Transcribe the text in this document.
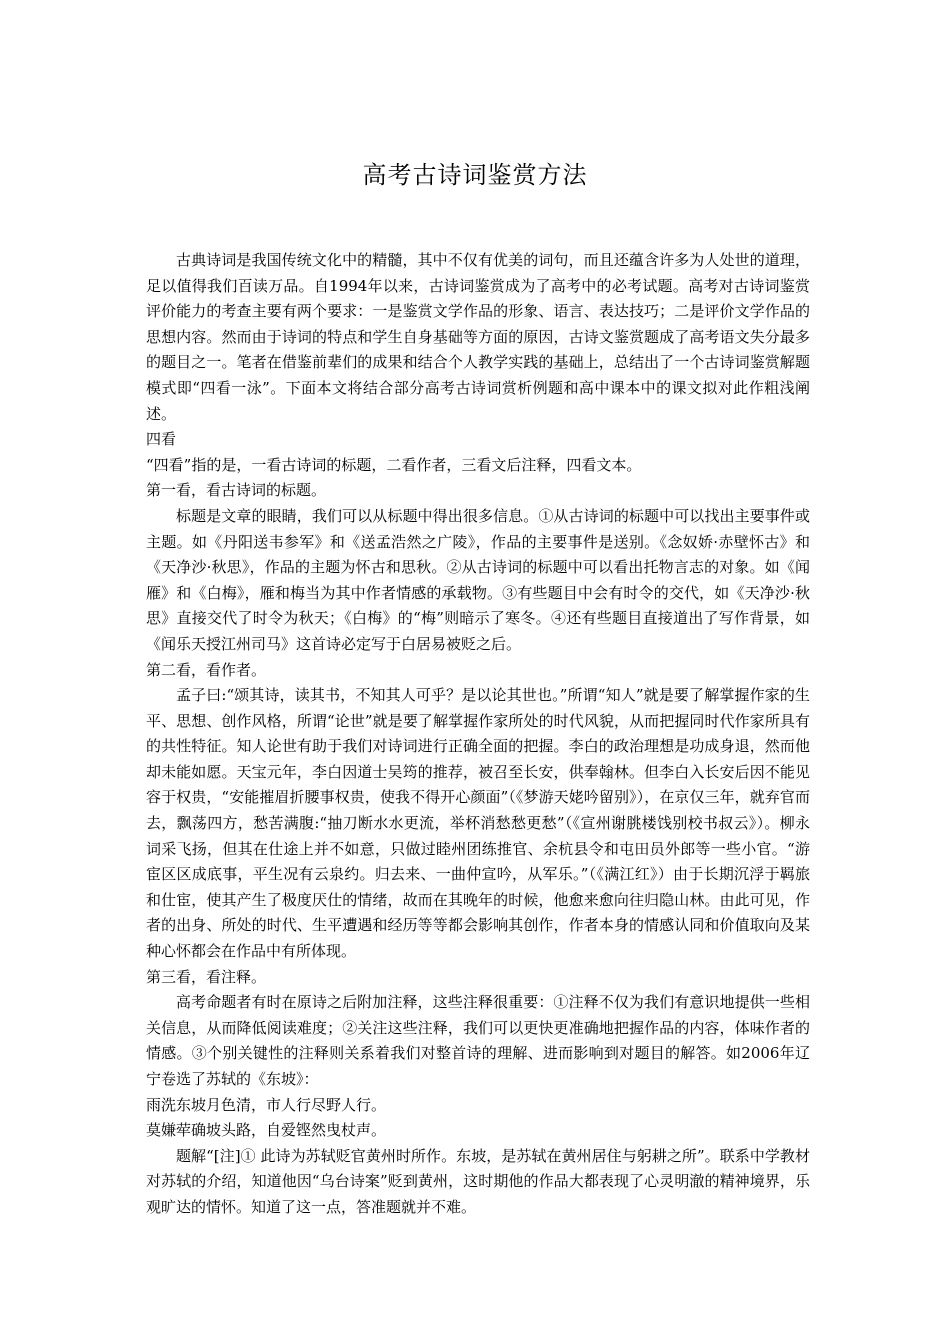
高考古诗词鉴赏方法

古典诗词是我国传统文化中的精髓，其中不仅有优美的词句，而且还蕴含许多为人处世的道理，足以值得我们百读万品。自1994年以来，古诗词鉴赏成为了高考中的必考试题。高考对古诗词鉴赏评价能力的考查主要有两个要求：一是鉴赏文学作品的形象、语言、表达技巧；二是评价文学作品的思想内容。然而由于诗词的特点和学生自身基础等方面的原因，古诗文鉴赏题成了高考语文失分最多的题目之一。笔者在借鉴前辈们的成果和结合个人教学实践的基础上，总结出了一个古诗词鉴赏解题模式即“四看一泳”。下面本文将结合部分高考古诗词赏析例题和高中课本中的课文拟对此作粗浅阐述。

四看

“四看”指的是，一看古诗词的标题，二看作者，三看文后注释，四看文本。

第一看，看古诗词的标题。

标题是文章的眼睛，我们可以从标题中得出很多信息。①从古诗词的标题中可以找出主要事件或主题。如《丹阳送韦参军》和《送孟浩然之广陵》，作品的主要事件是送别。《念奴娇·赤壁怀古》和《天净沙·秋思》，作品的主题为怀古和思秋。②从古诗词的标题中可以看出托物言志的对象。如《闻雁》和《白梅》，雁和梅当为其中作者情感的承载物。③有些题目中会有时令的交代，如《天净沙·秋思》直接交代了时令为秋天；《白梅》的“梅”则暗示了寒冬。④还有些题目直接道出了写作背景，如《闻乐天授江州司马》这首诗必定写于白居易被贬之后。

第二看，看作者。

孟子曰:“颂其诗，读其书，不知其人可乎？是以论其世也。”所谓“知人”就是要了解掌握作家的生平、思想、创作风格，所谓“论世”就是要了解掌握作家所处的时代风貌，从而把握同时代作家所具有的共性特征。知人论世有助于我们对诗词进行正确全面的把握。李白的政治理想是功成身退，然而他却未能如愿。天宝元年，李白因道士吴筠的推荐，被召至长安，供奉翰林。但李白入长安后因不能见容于权贵，“安能摧眉折腰事权贵，使我不得开心颜面”（《梦游天姥吟留别》），在京仅三年，就弃官而去，飘荡四方，愁苦满腹:“抽刀断水水更流，举杯消愁愁更愁”（《宣州谢朓楼饯别校书叔云》）。柳永词采飞扬，但其在仕途上并不如意，只做过睦州团练推官、余杭县令和屯田员外郎等一些小官。“游宦区区成底事，平生况有云泉约。归去来、一曲仲宣吟，从军乐。”（《满江红》）由于长期沉浮于羁旅和仕宦，使其产生了极度厌仕的情绪，故而在其晚年的时候，他愈来愈向往归隐山林。由此可见，作者的出身、所处的时代、生平遭遇和经历等等都会影响其创作，作者本身的情感认同和价值取向及某种心怀都会在作品中有所体现。

第三看，看注释。

高考命题者有时在原诗之后附加注释，这些注释很重要：①注释不仅为我们有意识地提供一些相关信息，从而降低阅读难度；②关注这些注释，我们可以更快更准确地把握作品的内容，体味作者的情感。③个别关键性的注释则关系着我们对整首诗的理解、进而影响到对题目的解答。如2006年辽宁卷选了苏轼的《东坡》：

雨洗东坡月色清，市人行尽野人行。

莫嫌荦确坡头路，自爱铿然曳杖声。

题解“[注]① 此诗为苏轼贬官黄州时所作。东坡，是苏轼在黄州居住与躬耕之所”。联系中学教材对苏轼的介绍，知道他因“乌台诗案”贬到黄州，这时期他的作品大都表现了心灵明澈的精神境界，乐观旷达的情怀。知道了这一点，答准题就并不难。
